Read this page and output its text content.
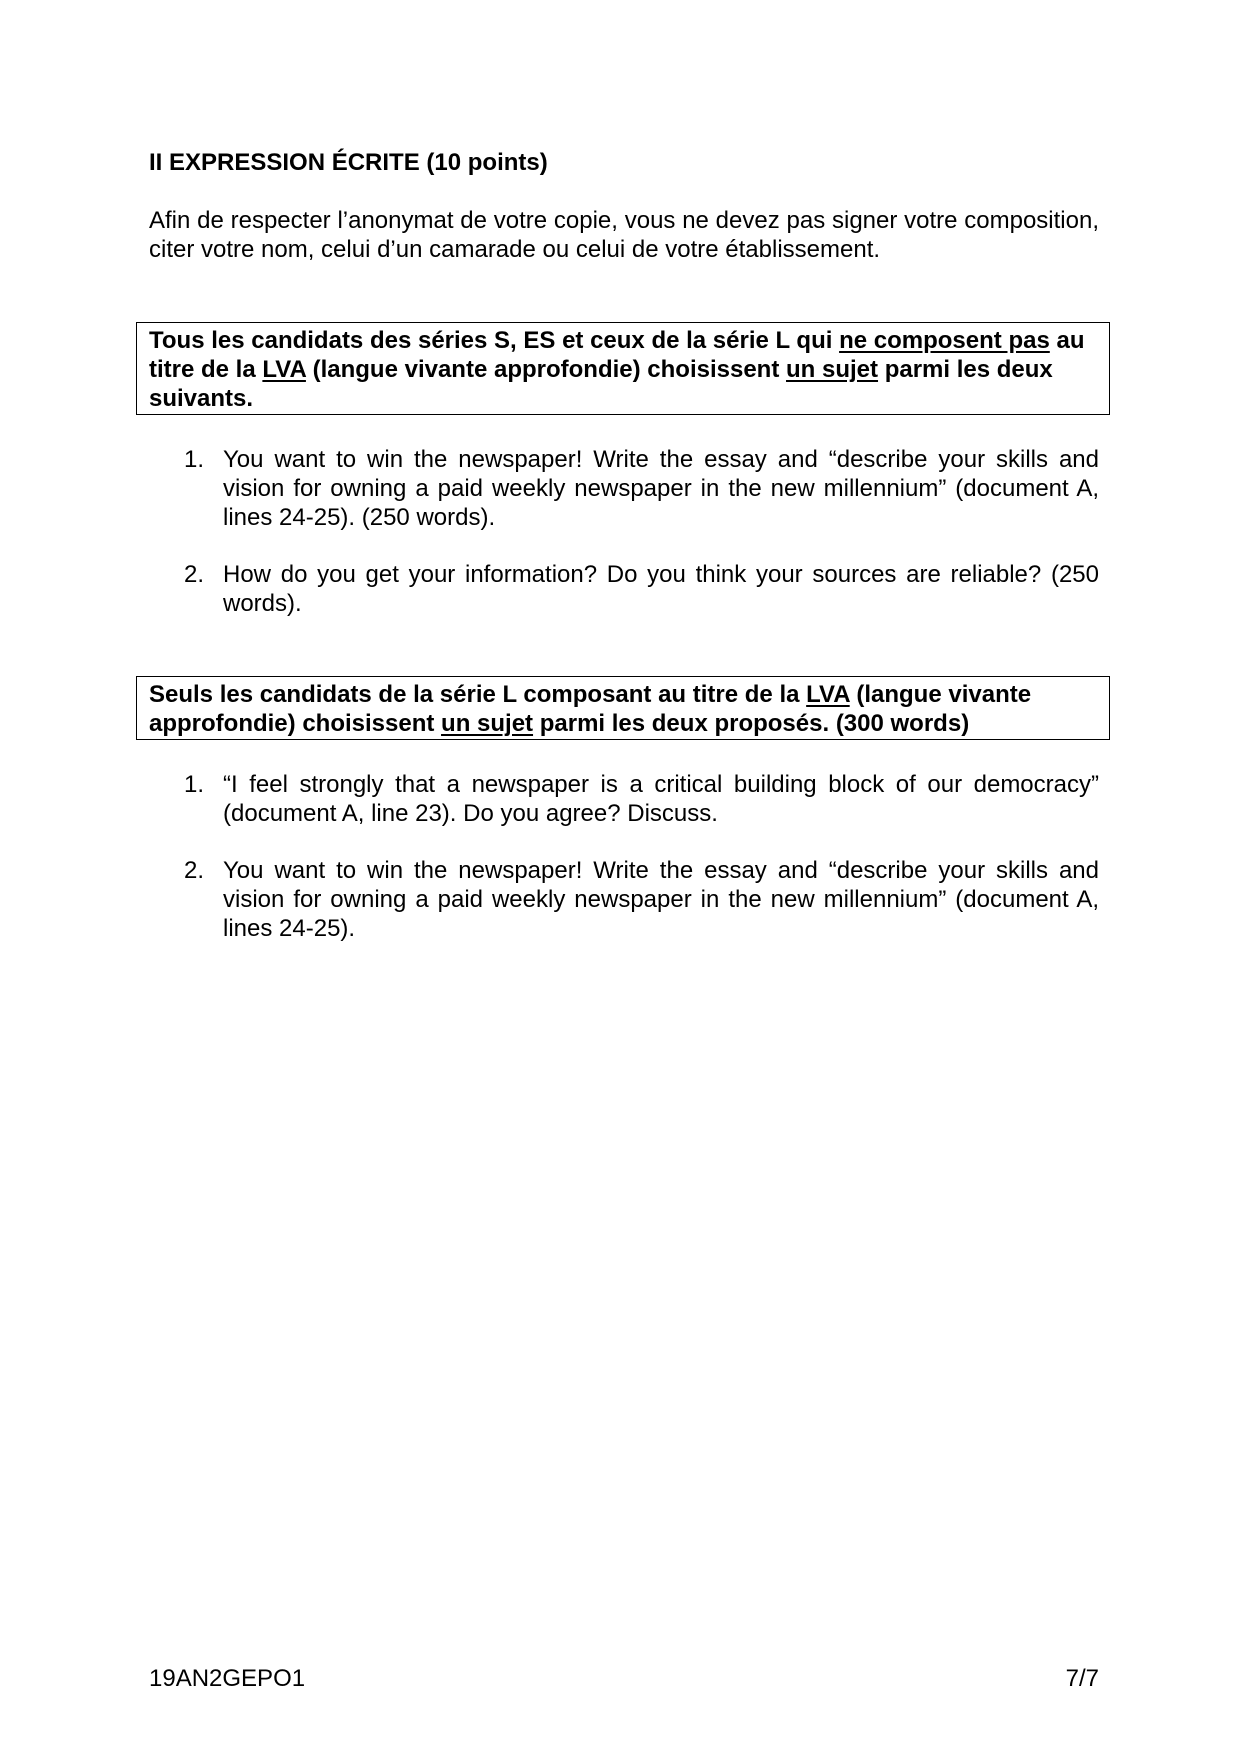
II EXPRESSION ÉCRITE (10 points)
Afin de respecter l’anonymat de votre copie, vous ne devez pas signer votre composition, citer votre nom, celui d’un camarade ou celui de votre établissement.
Tous les candidats des séries S, ES et ceux de la série L qui ne composent pas au titre de la LVA (langue vivante approfondie) choisissent un sujet parmi les deux suivants.
1. You want to win the newspaper! Write the essay and “describe your skills and vision for owning a paid weekly newspaper in the new millennium” (document A, lines 24-25). (250 words).
2. How do you get your information? Do you think your sources are reliable? (250 words).
Seuls les candidats de la série L composant au titre de la LVA (langue vivante approfondie) choisissent un sujet parmi les deux proposés. (300 words)
1. “I feel strongly that a newspaper is a critical building block of our democracy” (document A, line 23). Do you agree? Discuss.
2. You want to win the newspaper! Write the essay and “describe your skills and vision for owning a paid weekly newspaper in the new millennium” (document A, lines 24-25).
19AN2GEPO1	7/7
